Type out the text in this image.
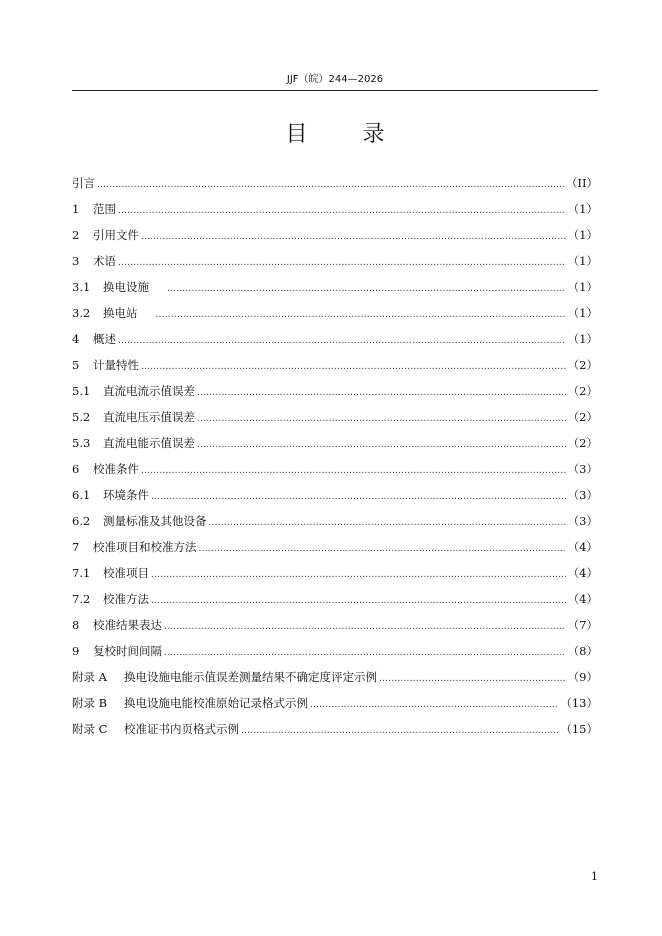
JJF（皖）244—2026
目 录
引言 .....	（II）
1	范围 .....	（1）
2	引用文件 .....	（1）
3	术语 .....	（1）
3.1	换电设施 .....	（1）
3.2	换电站 .....	（1）
4	概述 .....	（1）
5	计量特性 .....	（2）
5.1	直流电流示值误差 .....	（2）
5.2	直流电压示值误差 .....	（2）
5.3	直流电能示值误差 .....	（2）
6	校准条件 .....	（3）
6.1	环境条件 .....	（3）
6.2	测量标准及其他设备 .....	（3）
7	校准项目和校准方法 .....	（4）
7.1	校准项目 .....	（4）
7.2	校准方法 .....	（4）
8	校准结果表达 .....	（7）
9	复校时间间隔 .....	（8）
附录 A	换电设施电能示值误差测量结果不确定度评定示例 .....	（9）
附录 B	换电设施电能校准原始记录格式示例 .....	（13）
附录 C	校准证书内页格式示例 .....	（15）
1
